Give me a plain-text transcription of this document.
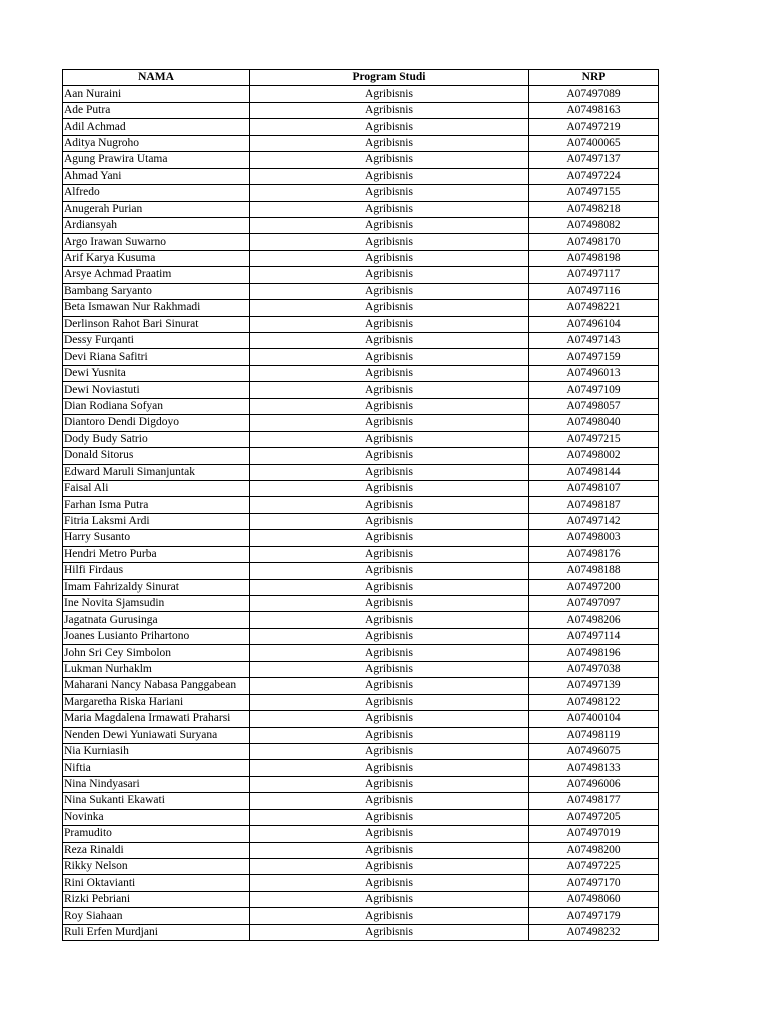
NAMA	Program Studi	NRP
Aan Nuraini	Agribisnis	A07497089
Ade Putra	Agribisnis	A07498163
Adil Achmad	Agribisnis	A07497219
Aditya Nugroho	Agribisnis	A07400065
Agung Prawira Utama	Agribisnis	A07497137
Ahmad Yani	Agribisnis	A07497224
Alfredo	Agribisnis	A07497155
Anugerah Purian	Agribisnis	A07498218
Ardiansyah	Agribisnis	A07498082
Argo Irawan Suwarno	Agribisnis	A07498170
Arif Karya Kusuma	Agribisnis	A07498198
Arsye Achmad Praatim	Agribisnis	A07497117
Bambang Saryanto	Agribisnis	A07497116
Beta Ismawan Nur Rakhmadi	Agribisnis	A07498221
Derlinson Rahot Bari Sinurat	Agribisnis	A07496104
Dessy Furqanti	Agribisnis	A07497143
Devi Riana Safitri	Agribisnis	A07497159
Dewi Yusnita	Agribisnis	A07496013
Dewi Noviastuti	Agribisnis	A07497109
Dian Rodiana Sofyan	Agribisnis	A07498057
Diantoro Dendi Digdoyo	Agribisnis	A07498040
Dody Budy Satrio	Agribisnis	A07497215
Donald Sitorus	Agribisnis	A07498002
Edward Maruli Simanjuntak	Agribisnis	A07498144
Faisal Ali	Agribisnis	A07498107
Farhan Isma Putra	Agribisnis	A07498187
Fitria Laksmi Ardi	Agribisnis	A07497142
Harry Susanto	Agribisnis	A07498003
Hendri Metro Purba	Agribisnis	A07498176
Hilfi Firdaus	Agribisnis	A07498188
Imam Fahrizaldy Sinurat	Agribisnis	A07497200
Ine Novita Sjamsudin	Agribisnis	A07497097
Jagatnata Gurusinga	Agribisnis	A07498206
Joanes Lusianto Prihartono	Agribisnis	A07497114
John Sri Cey Simbolon	Agribisnis	A07498196
Lukman Nurhaklm	Agribisnis	A07497038
Maharani Nancy Nabasa Panggabean	Agribisnis	A07497139
Margaretha Riska Hariani	Agribisnis	A07498122
Maria Magdalena Irmawati Praharsi	Agribisnis	A07400104
Nenden Dewi Yuniawati Suryana	Agribisnis	A07498119
Nia Kurniasih	Agribisnis	A07496075
Niftia	Agribisnis	A07498133
Nina Nindyasari	Agribisnis	A07496006
Nina Sukanti Ekawati	Agribisnis	A07498177
Novinka	Agribisnis	A07497205
Pramudito	Agribisnis	A07497019
Reza Rinaldi	Agribisnis	A07498200
Rikky Nelson	Agribisnis	A07497225
Rini Oktavianti	Agribisnis	A07497170
Rizki Pebriani	Agribisnis	A07498060
Roy Siahaan	Agribisnis	A07497179
Ruli Erfen Murdjani	Agribisnis	A07498232
